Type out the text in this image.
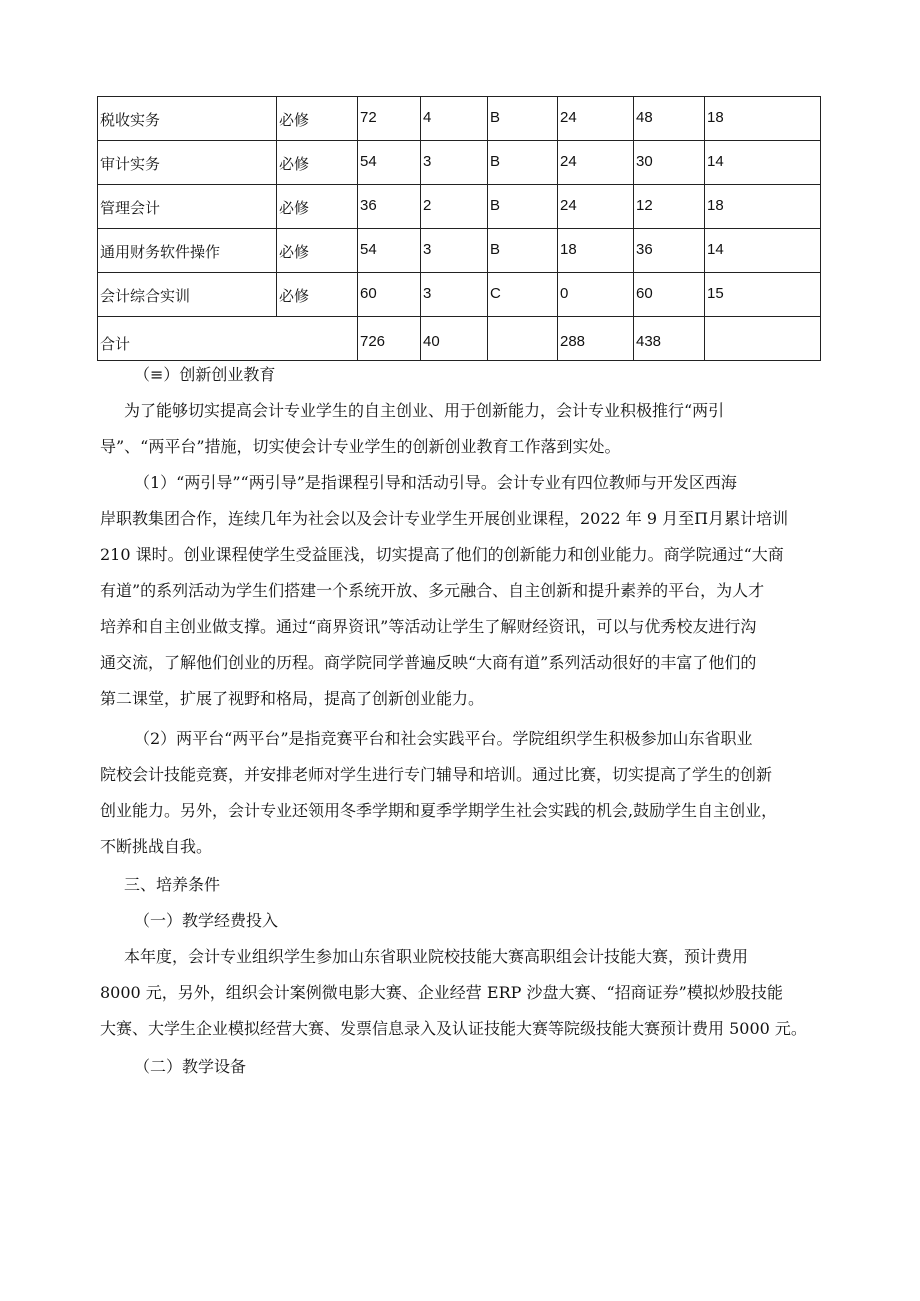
税收实务	必修	72	4	B	24	48	18
审计实务	必修	54	3	B	24	30	14
管理会计	必修	36	2	B	24	12	18
通用财务软件操作	必修	54	3	B	18	36	14
会计综合实训	必修	60	3	C	0	60	15
合计		726	40		288	438	
（≡）创新创业教育
为了能够切实提高会计专业学生的自主创业、用于创新能力，会计专业积极推行“两引
导”、“两平台”措施，切实使会计专业学生的创新创业教育工作落到实处。
（1）“两引导”“两引导”是指课程引导和活动引导。会计专业有四位教师与开发区西海
岸职教集团合作，连续几年为社会以及会计专业学生开展创业课程，2022 年 9 月至Π月累计培训
210 课时。创业课程使学生受益匪浅，切实提高了他们的创新能力和创业能力。商学院通过“大商
有道”的系列活动为学生们搭建一个系统开放、多元融合、自主创新和提升素养的平台，为人才
培养和自主创业做支撑。通过“商界资讯”等活动让学生了解财经资讯，可以与优秀校友进行沟
通交流，了解他们创业的历程。商学院同学普遍反映“大商有道”系列活动很好的丰富了他们的
第二课堂，扩展了视野和格局，提高了创新创业能力。
（2）两平台“两平台”是指竞赛平台和社会实践平台。学院组织学生积极参加山东省职业
院校会计技能竞赛，并安排老师对学生进行专门辅导和培训。通过比赛，切实提高了学生的创新
创业能力。另外，会计专业还领用冬季学期和夏季学期学生社会实践的机会,鼓励学生自主创业，
不断挑战自我。
三、培养条件
（一）教学经费投入
本年度，会计专业组织学生参加山东省职业院校技能大赛高职组会计技能大赛，预计费用
8000 元，另外，组织会计案例微电影大赛、企业经营 ERP 沙盘大赛、“招商证券”模拟炒股技能
大赛、大学生企业模拟经营大赛、发票信息录入及认证技能大赛等院级技能大赛预计费用 5000 元。
（二）教学设备
